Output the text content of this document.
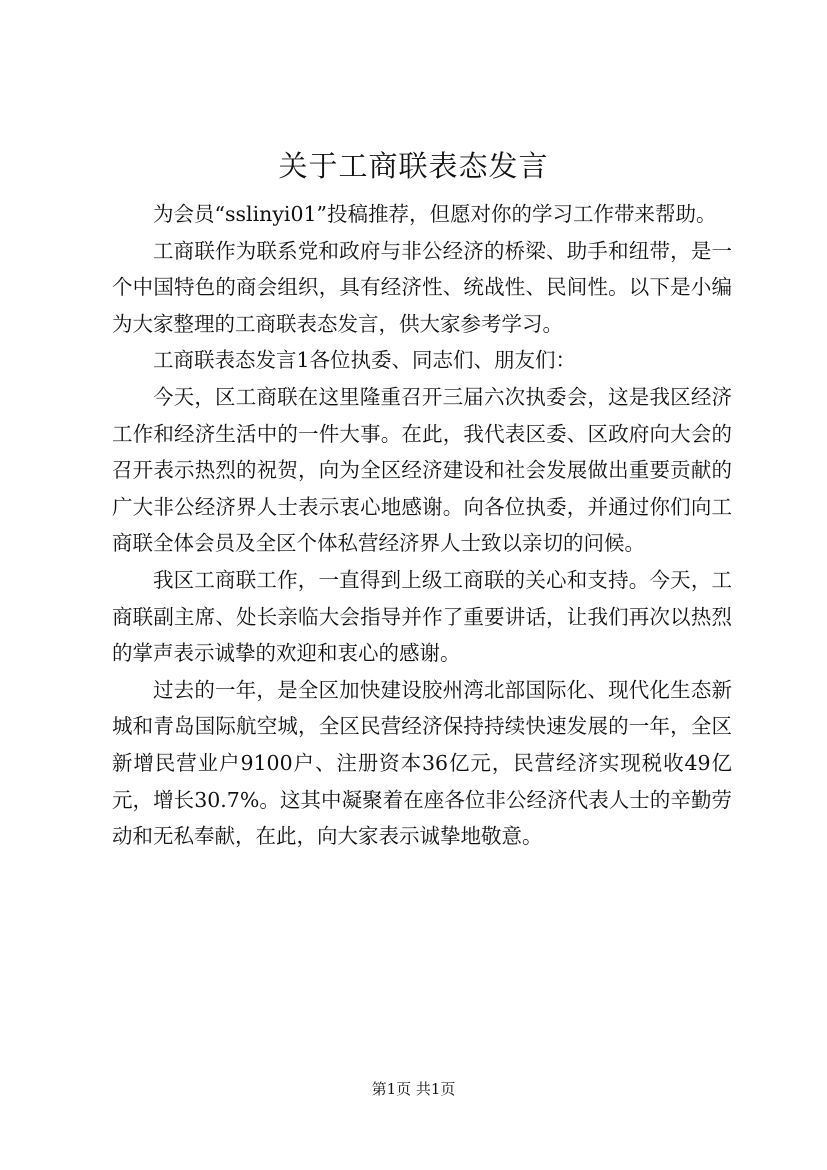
关于工商联表态发言

为会员“sslinyi01”投稿推荐，但愿对你的学习工作带来帮助。

工商联作为联系党和政府与非公经济的桥梁、助手和纽带，是一个中国特色的商会组织，具有经济性、统战性、民间性。以下是小编为大家整理的工商联表态发言，供大家参考学习。

工商联表态发言1各位执委、同志们、朋友们：

今天，区工商联在这里隆重召开三届六次执委会，这是我区经济工作和经济生活中的一件大事。在此，我代表区委、区政府向大会的召开表示热烈的祝贺，向为全区经济建设和社会发展做出重要贡献的广大非公经济界人士表示衷心地感谢。向各位执委，并通过你们向工商联全体会员及全区个体私营经济界人士致以亲切的问候。

我区工商联工作，一直得到上级工商联的关心和支持。今天，工商联副主席、处长亲临大会指导并作了重要讲话，让我们再次以热烈的掌声表示诚挚的欢迎和衷心的感谢。

过去的一年，是全区加快建设胶州湾北部国际化、现代化生态新城和青岛国际航空城，全区民营经济保持持续快速发展的一年，全区新增民营业户9100户、注册资本36亿元，民营经济实现税收49亿元，增长30.7%。这其中凝聚着在座各位非公经济代表人士的辛勤劳动和无私奉献，在此，向大家表示诚挚地敬意。

第1页 共1页
